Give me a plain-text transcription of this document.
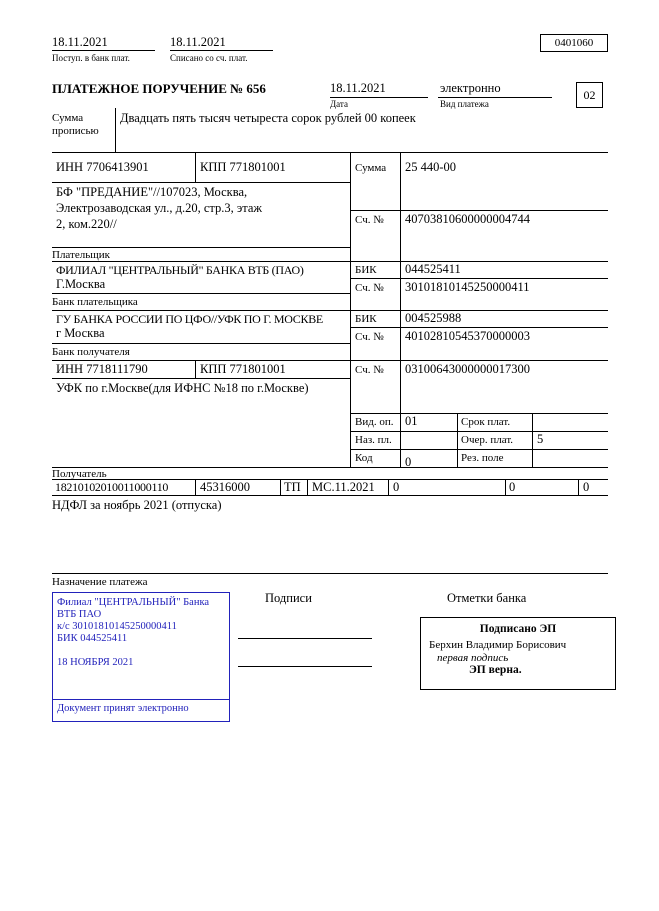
18.11.2021
Поступ. в банк плат.
18.11.2021
Списано со сч. плат.
0401060
ПЛАТЕЖНОЕ ПОРУЧЕНИЕ № 656	18.11.2021
Дата
электронно
Вид платежа
02
Сумма
прописью
Двадцать пять тысяч четыреста сорок рублей 00 копеек
ИНН 7706413901	КПП 771801001	Сумма 25 440-00
БФ "ПРЕДАНИЕ"//107023, Москва,
Электрозаводская ул., д.20, стр.3, этаж
2, ком.220//	Сч. № 40703810600000004744
Плательщик
ФИЛИАЛ "ЦЕНТРАЛЬНЫЙ" БАНКА ВТБ (ПАО)
Г.Москва
БИК 044525411
Сч. № 30101810145250000411
Банк плательщика
ГУ БАНКА РОССИИ ПО ЦФО//УФК ПО Г. МОСКВЕ
г Москва
БИК 004525988
Сч. № 40102810545370000003
Банк получателя
ИНН 7718111790	КПП 771801001	Сч. № 03100643000000017300
УФК по г.Москве(для ИФНС №18 по г.Москве)
Вид. оп. 01	Срок плат.
Наз. пл.	Очер. плат. 5
Код	0	Рез. поле
Получатель
18210102010011000110	45316000	ТП МС.11.2021 0	0	0
НДФЛ за ноябрь 2021 (отпуска)
Назначение платежа
Подписи	Отметки банка
Филиал "ЦЕНТРАЛЬНЫЙ" Банка
ВТБ ПАО
к/с 30101810145250000411
БИК 044525411
18 НОЯБРЯ 2021
Документ принят электронно
Подписано ЭП
Берхин Владимир Борисович
первая подпись
ЭП верна.
